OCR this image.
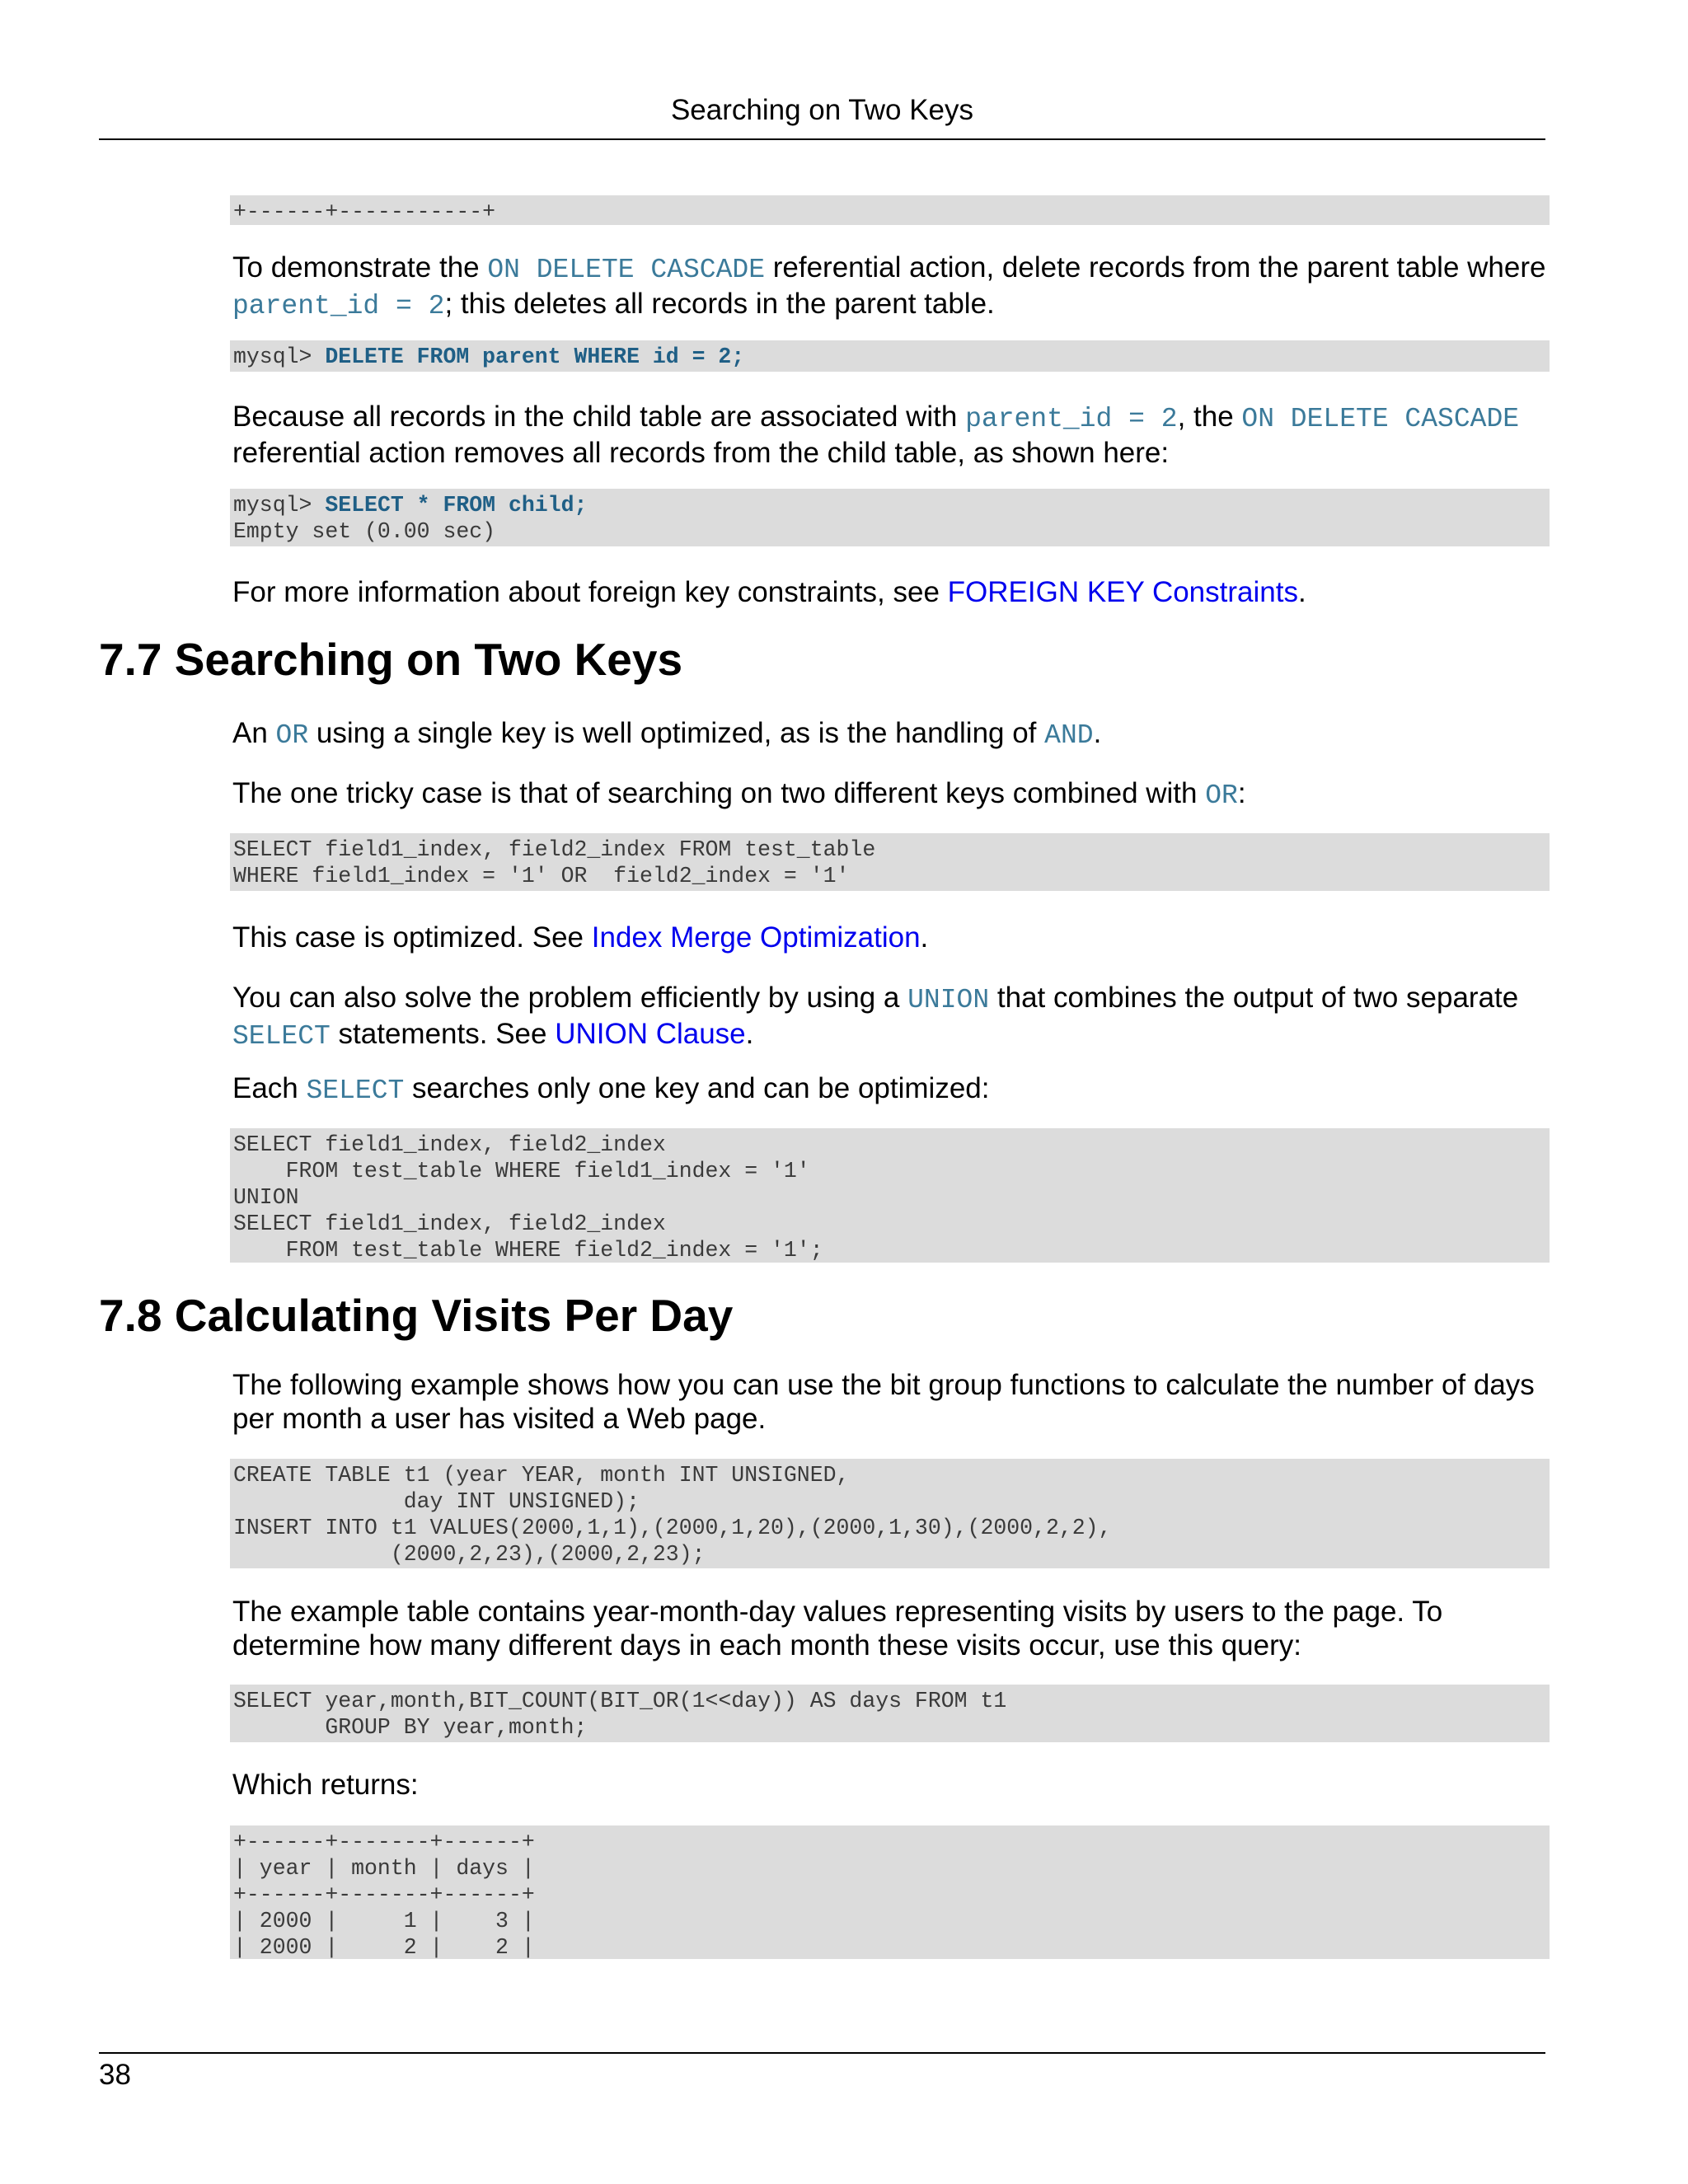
Searching on Two Keys
+------+-----------+
To demonstrate the ON DELETE CASCADE referential action, delete records from the parent table where parent_id = 2; this deletes all records in the parent table.
mysql> DELETE FROM parent WHERE id = 2;
Because all records in the child table are associated with parent_id = 2, the ON DELETE CASCADE referential action removes all records from the child table, as shown here:
mysql> SELECT * FROM child;
Empty set (0.00 sec)
For more information about foreign key constraints, see FOREIGN KEY Constraints.
7.7 Searching on Two Keys
An OR using a single key is well optimized, as is the handling of AND.
The one tricky case is that of searching on two different keys combined with OR:
SELECT field1_index, field2_index FROM test_table
WHERE field1_index = '1' OR  field2_index = '1'
This case is optimized. See Index Merge Optimization.
You can also solve the problem efficiently by using a UNION that combines the output of two separate SELECT statements. See UNION Clause.
Each SELECT searches only one key and can be optimized:
SELECT field1_index, field2_index
FROM test_table WHERE field1_index = '1'
UNION
SELECT field1_index, field2_index
FROM test_table WHERE field2_index = '1';
7.8 Calculating Visits Per Day
The following example shows how you can use the bit group functions to calculate the number of days per month a user has visited a Web page.
CREATE TABLE t1 (year YEAR, month INT UNSIGNED,
day INT UNSIGNED);
INSERT INTO t1 VALUES(2000,1,1),(2000,1,20),(2000,1,30),(2000,2,2),
(2000,2,23),(2000,2,23);
The example table contains year-month-day values representing visits by users to the page. To determine how many different days in each month these visits occur, use this query:
SELECT year,month,BIT_COUNT(BIT_OR(1<<day)) AS days FROM t1
GROUP BY year,month;
Which returns:
+------+-------+------+
| year | month | days |
+------+-------+------+
| 2000 |     1 |    3 |
| 2000 |     2 |    2 |
38
